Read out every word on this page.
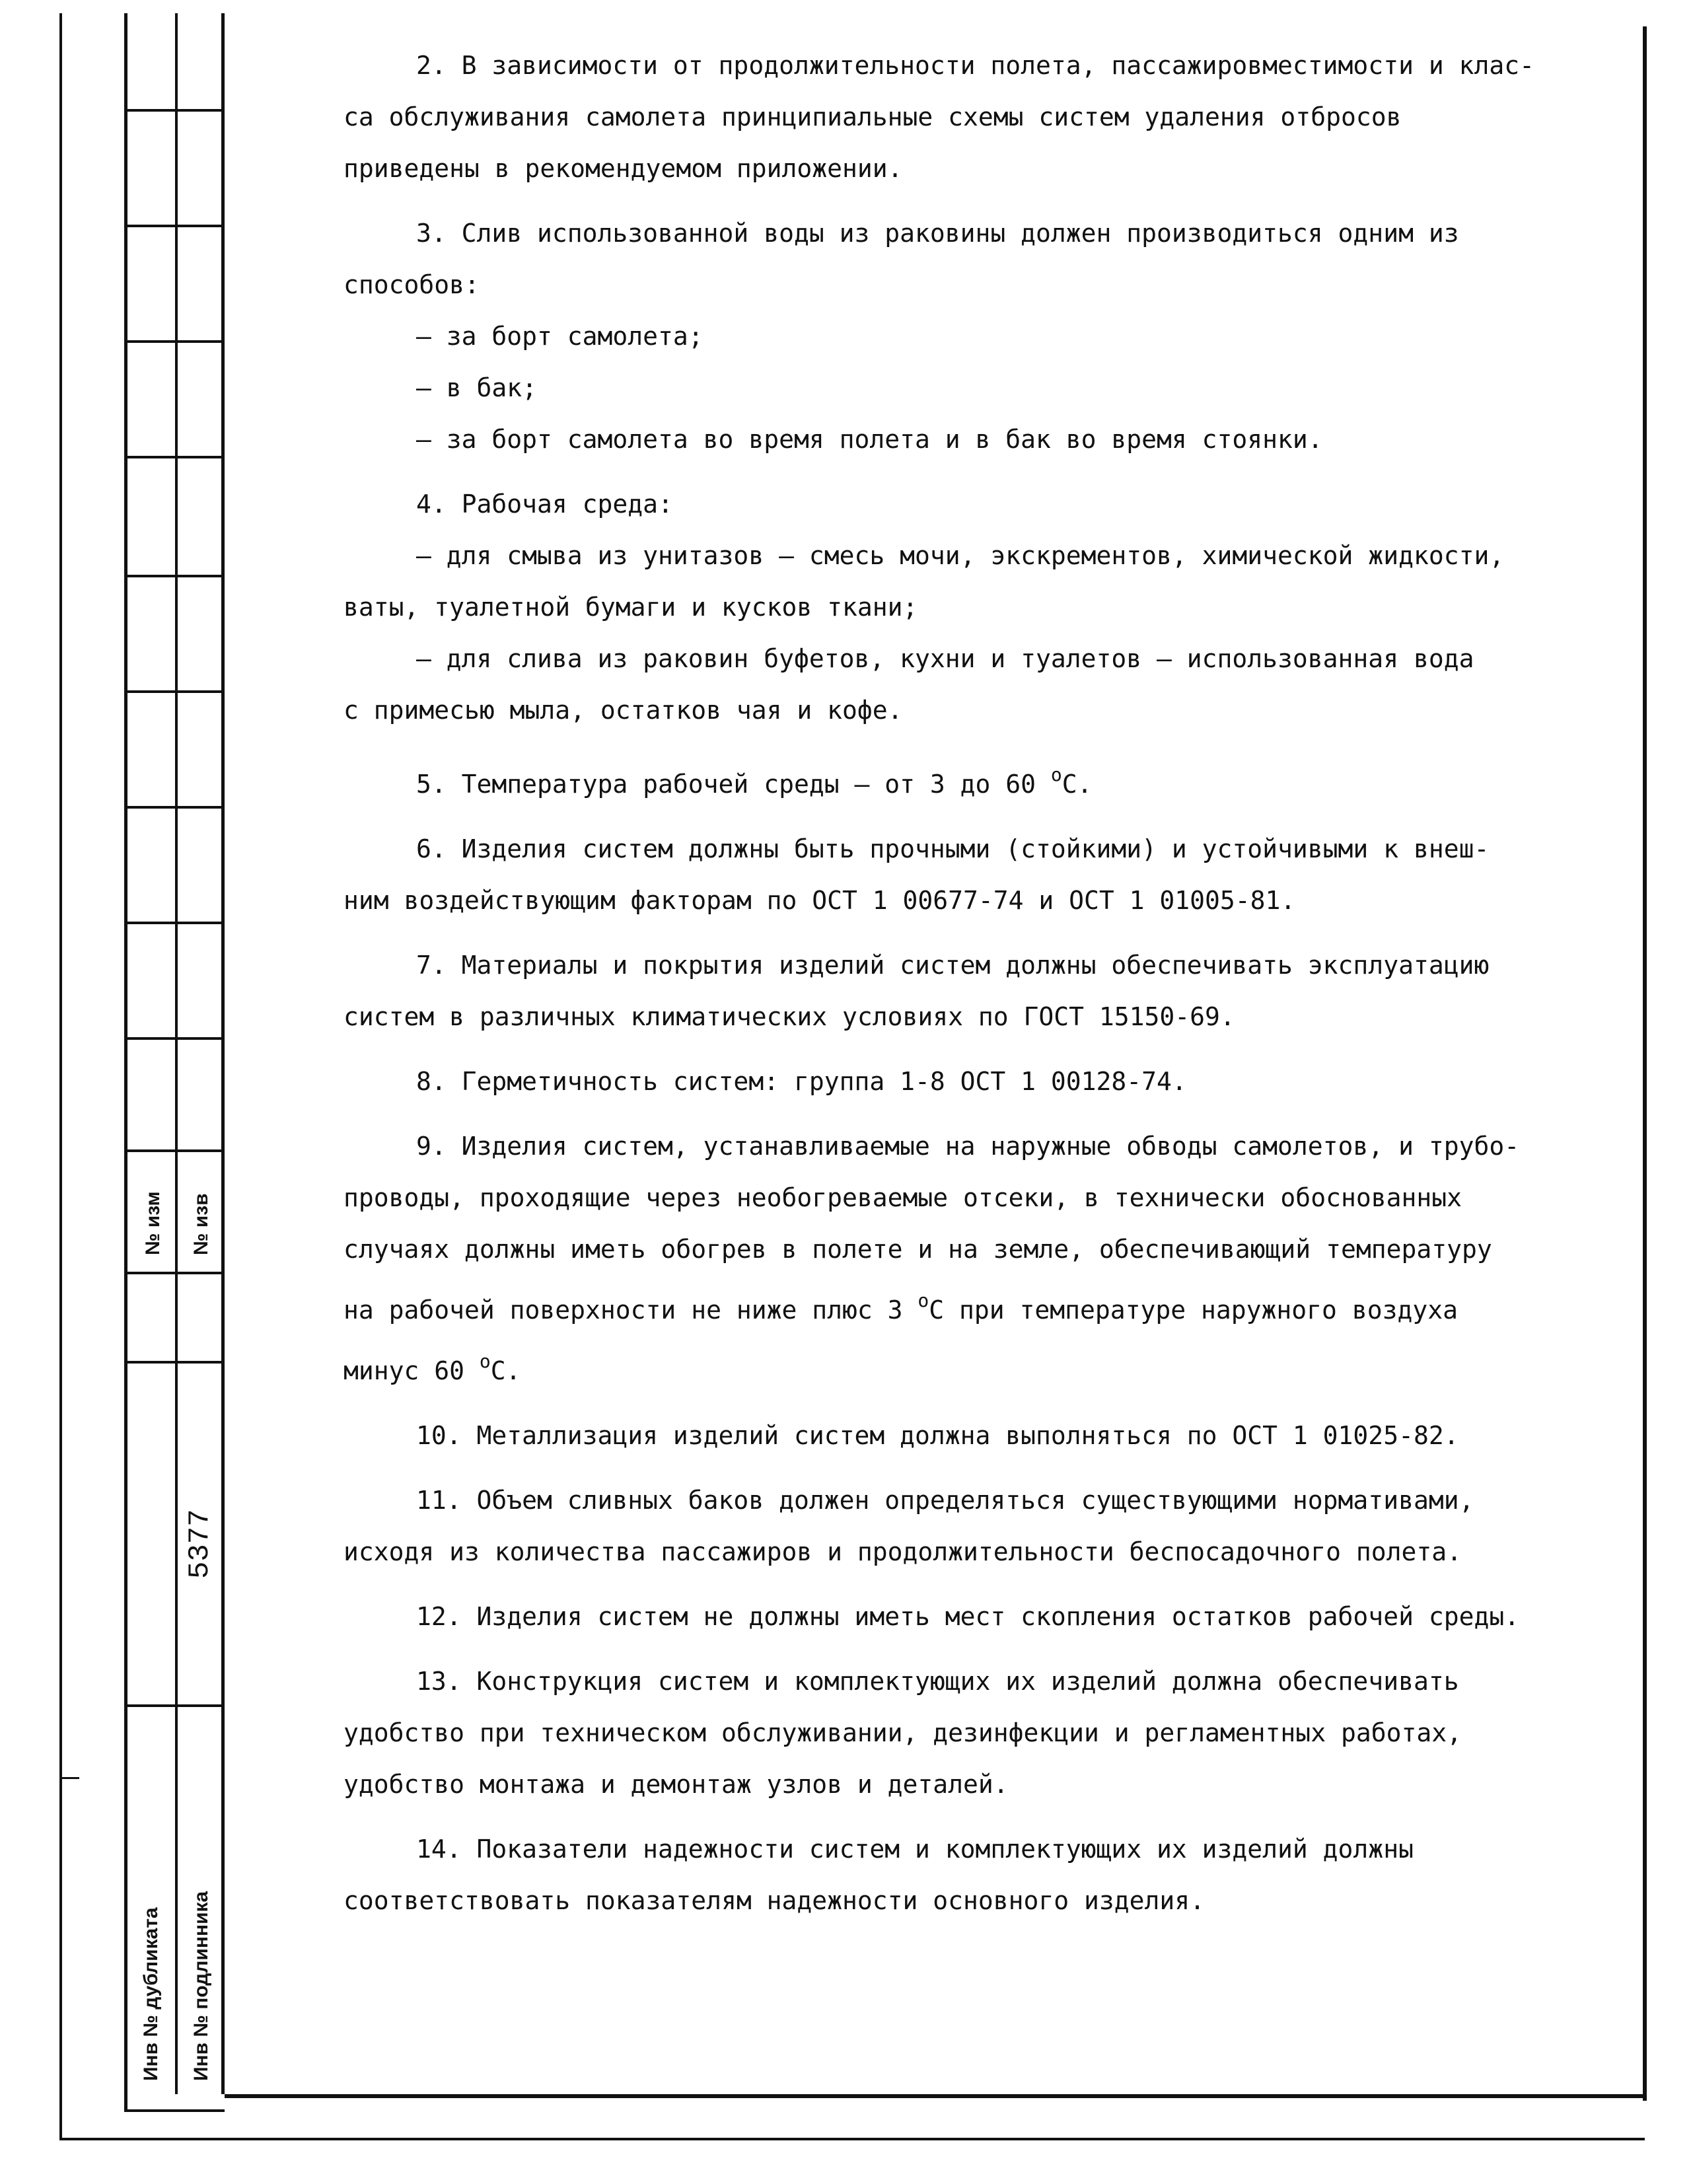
№ изм № изв
Инв № дубликата Инв № подлинника
5377
2. В зависимости от продолжительности полета, пассажировместимости и клас-
са обслуживания самолета принципиальные схемы систем удаления отбросов
приведены в рекомендуемом приложении.
3. Слив использованной воды из раковины должен производиться одним из
способов:
– за борт самолета;
– в бак;
– за борт самолета во время полета и в бак во время стоянки.
4. Рабочая среда:
– для смыва из унитазов – смесь мочи, экскрементов, химической жидкости,
ваты, туалетной бумаги и кусков ткани;
– для слива из раковин буфетов, кухни и туалетов – использованная вода
с примесью мыла, остатков чая и кофе.
5. Температура рабочей среды – от 3 до 60 $^о$С.
6. Изделия систем должны быть прочными (стойкими) и устойчивыми к внеш-
ним воздействующим факторам по ОСТ 1 00677-74 и ОСТ 1 01005-81.
7. Материалы и покрытия изделий систем должны обеспечивать эксплуатацию
систем в различных климатических условиях по ГОСТ 15150-69.
8. Герметичность систем: группа 1-8 ОСТ 1 00128-74.
9. Изделия систем, устанавливаемые на наружные обводы самолетов, и трубо-
проводы, проходящие через необогреваемые отсеки, в технически обоснованных
случаях должны иметь обогрев в полете и на земле, обеспечивающий температуру
на рабочей поверхности не ниже плюс 3 $^о$С при температуре наружного воздуха
минус 60 $^о$С.
10. Металлизация изделий систем должна выполняться по ОСТ 1 01025-82.
11. Объем сливных баков должен определяться существующими нормативами,
исходя из количества пассажиров и продолжительности беспосадочного полета.
12. Изделия систем не должны иметь мест скопления остатков рабочей среды.
13. Конструкция систем и комплектующих их изделий должна обеспечивать
удобство при техническом обслуживании, дезинфекции и регламентных работах,
удобство монтажа и демонтаж узлов и деталей.
14. Показатели надежности систем и комплектующих их изделий должны
соответствовать показателям надежности основного изделия.
